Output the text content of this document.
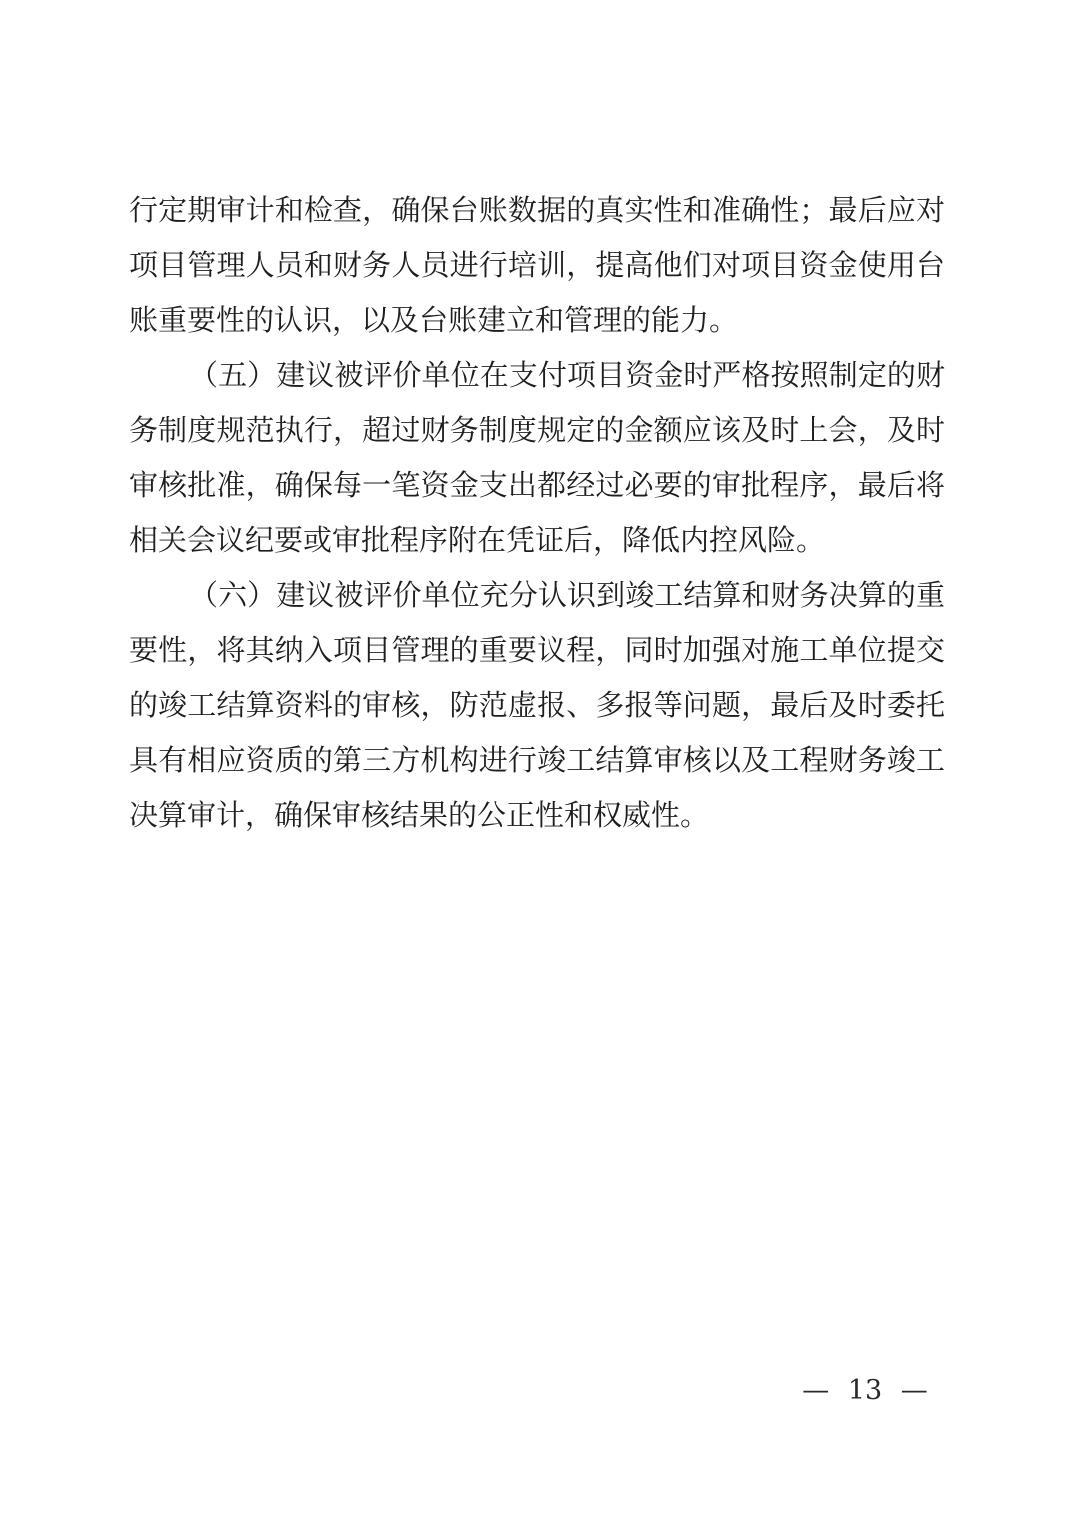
行定期审计和检查，确保台账数据的真实性和准确性；最后应对
项目管理人员和财务人员进行培训，提高他们对项目资金使用台
账重要性的认识，以及台账建立和管理的能力。
（五）建议被评价单位在支付项目资金时严格按照制定的财
务制度规范执行，超过财务制度规定的金额应该及时上会，及时
审核批准，确保每一笔资金支出都经过必要的审批程序，最后将
相关会议纪要或审批程序附在凭证后，降低内控风险。
（六）建议被评价单位充分认识到竣工结算和财务决算的重
要性，将其纳入项目管理的重要议程，同时加强对施工单位提交
的竣工结算资料的审核，防范虚报、多报等问题，最后及时委托
具有相应资质的第三方机构进行竣工结算审核以及工程财务竣工
决算审计，确保审核结果的公正性和权威性。
— 13 —
